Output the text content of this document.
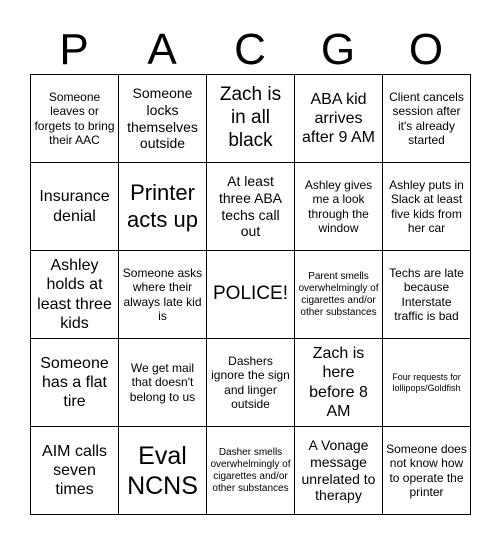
P	A	C	G	O
Someone leaves or forgets to bring their AAC	Someone locks themselves outside	Zach is in all black	ABA kid arrives after 9 AM	Client cancels session after it's already started
Insurance denial	Printer acts up	At least three ABA techs call out	Ashley gives me a look through the window	Ashley puts in Slack at least five kids from her car
Ashley holds at least three kids	Someone asks where their always late kid is	POLICE!	Parent smells overwhelmingly of cigarettes and/or other substances	Techs are late because Interstate traffic is bad
Someone has a flat tire	We get mail that doesn't belong to us	Dashers ignore the sign and linger outside	Zach is here before 8 AM	Four requests for lollipops/Goldfish
AIM calls seven times	Eval NCNS	Dasher smells overwhelmingly of cigarettes and/or other substances	A Vonage message unrelated to therapy	Someone does not know how to operate the printer
